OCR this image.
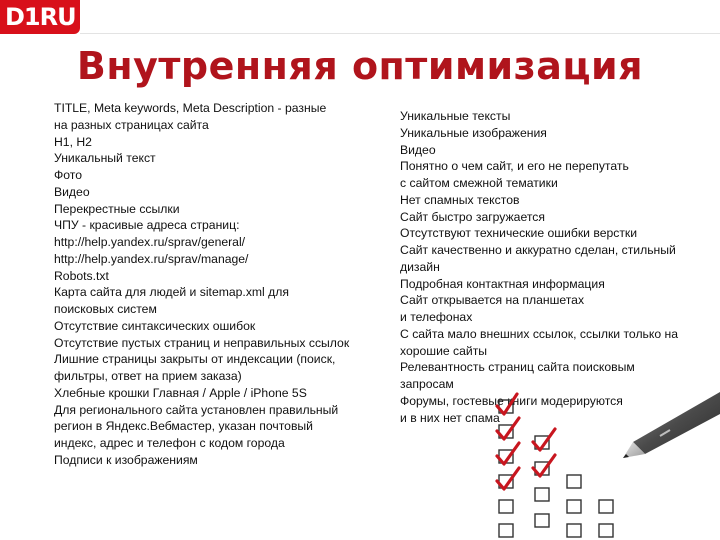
D1RU
Внутренняя оптимизация
TITLE, Meta keywords, Meta Description - разные
на разных страницах сайта
H1, H2
Уникальный текст
Фото
Видео
Перекрестные ссылки
ЧПУ - красивые адреса страниц:
http://help.yandex.ru/sprav/general/
http://help.yandex.ru/sprav/manage/
Robots.txt
Карта сайта для людей и sitemap.xml для
поисковых систем
Отсутствие синтаксических ошибок
Отсутствие пустых страниц и неправильных ссылок
Лишние страницы закрыты от индексации (поиск,
фильтры, ответ на прием заказа)
Хлебные крошки Главная / Apple / iPhone 5S
Для регионального сайта установлен правильный
регион в Яндекс.Вебмастер, указан почтовый
индекс, адрес и телефон с кодом города
Подписи к изображениям
Уникальные тексты
Уникальные изображения
Видео
Понятно о чем сайт, и его не перепутать
с сайтом смежной тематики
Нет спамных текстов
Сайт быстро загружается
Отсутствуют технические ошибки верстки
Сайт качественно и аккуратно сделан, стильный
дизайн
Подробная контактная информация
Сайт открывается на планшетах
и телефонах
С сайта мало внешних ссылок, ссылки только на
хорошие сайты
Релевантность страниц сайта поисковым
запросам
Форумы, гостевые книги модерируются
и в них нет спама
